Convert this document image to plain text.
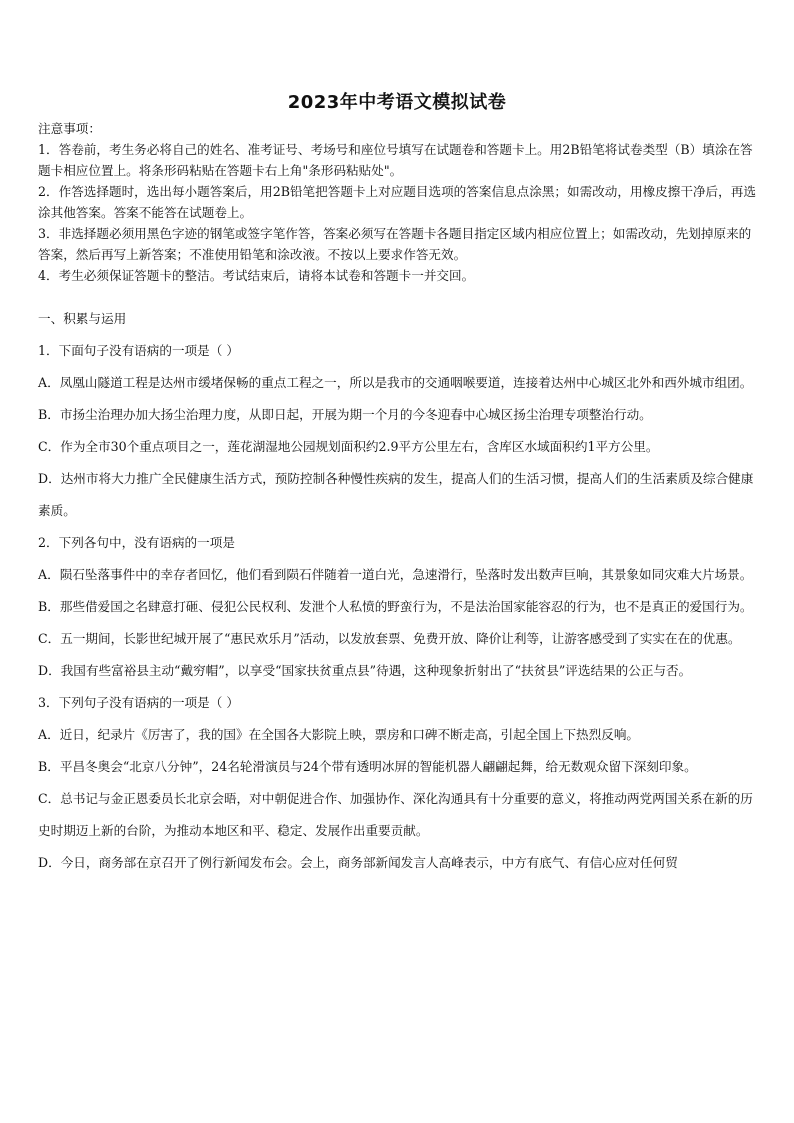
2023年中考语文模拟试卷

注意事项：

1．答卷前，考生务必将自己的姓名、准考证号、考场号和座位号填写在试题卷和答题卡上。用2B铅笔将试卷类型（B）填涂在答题卡相应位置上。将条形码粘贴在答题卡右上角"条形码粘贴处"。

2．作答选择题时，选出每小题答案后，用2B铅笔把答题卡上对应题目选项的答案信息点涂黑；如需改动，用橡皮擦干净后，再选涂其他答案。答案不能答在试题卷上。

3．非选择题必须用黑色字迹的钢笔或签字笔作答，答案必须写在答题卡各题目指定区域内相应位置上；如需改动，先划掉原来的答案，然后再写上新答案；不准使用铅笔和涂改液。不按以上要求作答无效。

4．考生必须保证答题卡的整洁。考试结束后，请将本试卷和答题卡一并交回。

一、积累与运用

1．下面句子没有语病的一项是（ ）

A．凤凰山隧道工程是达州市缓堵保畅的重点工程之一，所以是我市的交通咽喉要道，连接着达州中心城区北外和西外城市组团。

B．市扬尘治理办加大扬尘治理力度，从即日起，开展为期一个月的今冬迎春中心城区扬尘治理专项整治行动。

C．作为全市30个重点项目之一，莲花湖湿地公园规划面积约2.9平方公里左右，含库区水域面积约1平方公里。

D．达州市将大力推广全民健康生活方式，预防控制各种慢性疾病的发生，提高人们的生活习惯，提高人们的生活素质及综合健康素质。

2．下列各句中，没有语病的一项是

A．陨石坠落事件中的幸存者回忆，他们看到陨石伴随着一道白光，急速滑行，坠落时发出数声巨响，其景象如同灾难大片场景。

B．那些借爱国之名肆意打砸、侵犯公民权利、发泄个人私愤的野蛮行为，不是法治国家能容忍的行为，也不是真正的爱国行为。

C．五一期间，长影世纪城开展了“惠民欢乐月”活动，以发放套票、免费开放、降价让利等，让游客感受到了实实在在的优惠。

D．我国有些富裕县主动“戴穷帽”，以享受“国家扶贫重点县”待遇，这种现象折射出了“扶贫县”评选结果的公正与否。

3．下列句子没有语病的一项是（ ）

A．近日，纪录片《厉害了，我的国》在全国各大影院上映，票房和口碑不断走高，引起全国上下热烈反响。

B．平昌冬奥会“北京八分钟”，24名轮滑演员与24个带有透明冰屏的智能机器人翩翩起舞，给无数观众留下深刻印象。

C．总书记与金正恩委员长北京会晤，对中朝促进合作、加强协作、深化沟通具有十分重要的意义，将推动两党两国关系在新的历史时期迈上新的台阶，为推动本地区和平、稳定、发展作出重要贡献。

D．今日，商务部在京召开了例行新闻发布会。会上，商务部新闻发言人高峰表示，中方有底气、有信心应对任何贸
